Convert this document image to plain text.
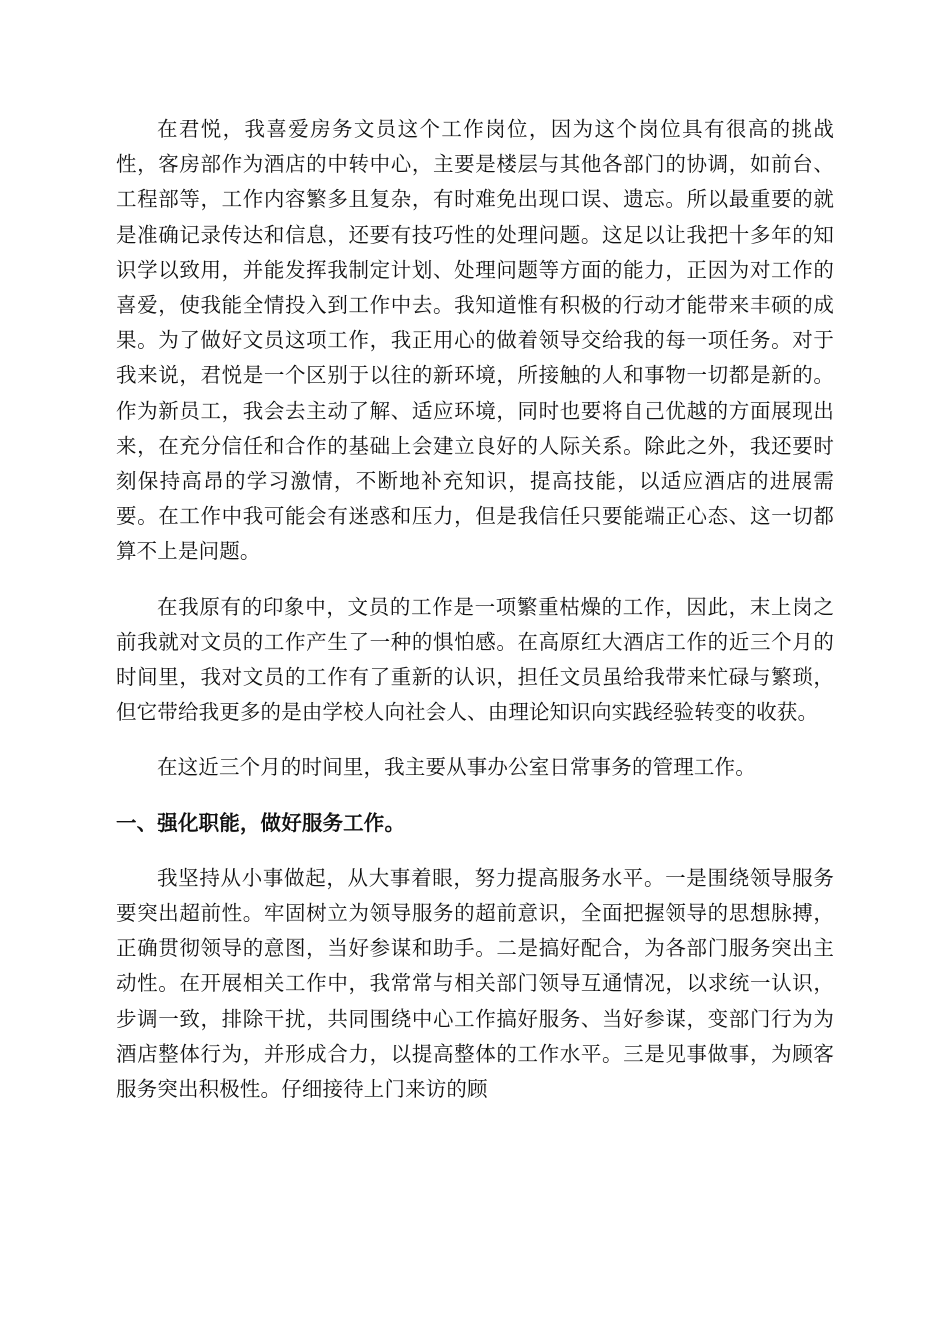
在君悦，我喜爱房务文员这个工作岗位，因为这个岗位具有很高的挑战性，客房部作为酒店的中转中心，主要是楼层与其他各部门的协调，如前台、工程部等，工作内容繁多且复杂，有时难免出现口误、遗忘。所以最重要的就是准确记录传达和信息，还要有技巧性的处理问题。这足以让我把十多年的知识学以致用，并能发挥我制定计划、处理问题等方面的能力，正因为对工作的喜爱，使我能全情投入到工作中去。我知道惟有积极的行动才能带来丰硕的成果。为了做好文员这项工作，我正用心的做着领导交给我的每一项任务。对于我来说，君悦是一个区别于以往的新环境，所接触的人和事物一切都是新的。作为新员工，我会去主动了解、适应环境，同时也要将自己优越的方面展现出来，在充分信任和合作的基础上会建立良好的人际关系。除此之外，我还要时刻保持高昂的学习激情，不断地补充知识，提高技能，以适应酒店的进展需要。在工作中我可能会有迷惑和压力，但是我信任只要能端正心态、这一切都算不上是问题。

在我原有的印象中，文员的工作是一项繁重枯燥的工作，因此，末上岗之前我就对文员的工作产生了一种的惧怕感。在高原红大酒店工作的近三个月的时间里，我对文员的工作有了重新的认识，担任文员虽给我带来忙碌与繁琐，但它带给我更多的是由学校人向社会人、由理论知识向实践经验转变的收获。

在这近三个月的时间里，我主要从事办公室日常事务的管理工作。

一、强化职能，做好服务工作。

我坚持从小事做起，从大事着眼，努力提高服务水平。一是围绕领导服务要突出超前性。牢固树立为领导服务的超前意识，全面把握领导的思想脉搏，正确贯彻领导的意图，当好参谋和助手。二是搞好配合，为各部门服务突出主动性。在开展相关工作中，我常常与相关部门领导互通情况，以求统一认识，步调一致，排除干扰，共同围绕中心工作搞好服务、当好参谋，变部门行为为酒店整体行为，并形成合力，以提高整体的工作水平。三是见事做事，为顾客服务突出积极性。仔细接待上门来访的顾
